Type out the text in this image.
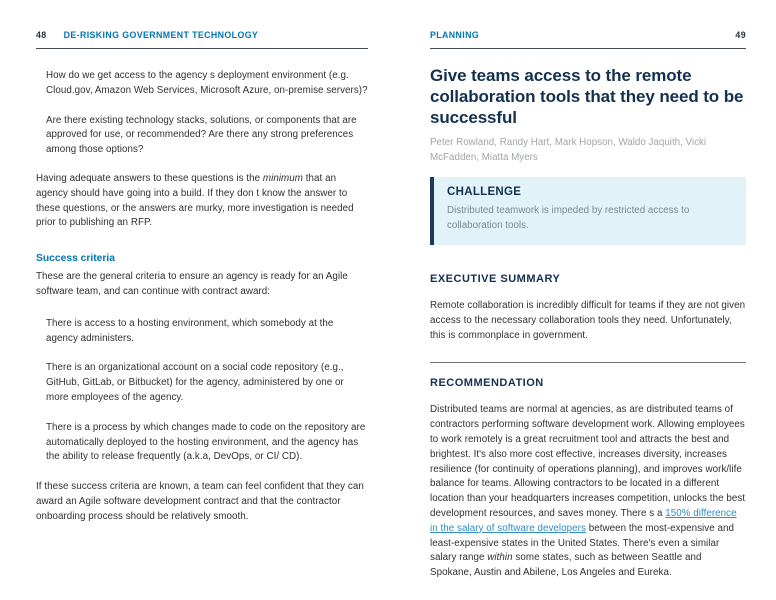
48 DE-RISKING GOVERNMENT TECHNOLOGY
How do we get access to the agency s deployment environment (e.g. Cloud.gov, Amazon Web Services, Microsoft Azure, on-premise servers)?
Are there existing technology stacks, solutions, or components that are approved for use, or recommended? Are there any strong preferences among those options?
Having adequate answers to these questions is the minimum that an agency should have going into a build. If they don t know the answer to these questions, or the answers are murky, more investigation is needed prior to publishing an RFP.
Success criteria
These are the general criteria to ensure an agency is ready for an Agile software team, and can continue with contract award:
There is access to a hosting environment, which somebody at the agency administers.
There is an organizational account on a social code repository (e.g., GitHub, GitLab, or Bitbucket) for the agency, administered by one or more employees of the agency.
There is a process by which changes made to code on the repository are automatically deployed to the hosting environment, and the agency has the ability to release frequently (a.k.a, DevOps, or CI/ CD).
If these success criteria are known, a team can feel confident that they can award an Agile software development contract and that the contractor onboarding process should be relatively smooth.
PLANNING	49
Give teams access to the remote collaboration tools that they need to be successful
Peter Rowland, Randy Hart, Mark Hopson, Waldo Jaquith, Vicki McFadden, Miatta Myers
CHALLENGE
Distributed teamwork is impeded by restricted access to collaboration tools.
EXECUTIVE SUMMARY
Remote collaboration is incredibly difficult for teams if they are not given access to the necessary collaboration tools they need. Unfortunately, this is commonplace in government.
RECOMMENDATION
Distributed teams are normal at agencies, as are distributed teams of contractors performing software development work. Allowing employees to work remotely is a great recruitment tool and attracts the best and brightest. It's also more cost effective, increases diversity, increases resilience (for continuity of operations planning), and improves work/life balance for teams. Allowing contractors to be located in a different location than your headquarters increases competition, unlocks the best development resources, and saves money. There s a 150% difference in the salary of software developers between the most-expensive and least-expensive states in the United States. There's even a similar salary range within some states, such as between Seattle and Spokane, Austin and Abilene, Los Angeles and Eureka.
